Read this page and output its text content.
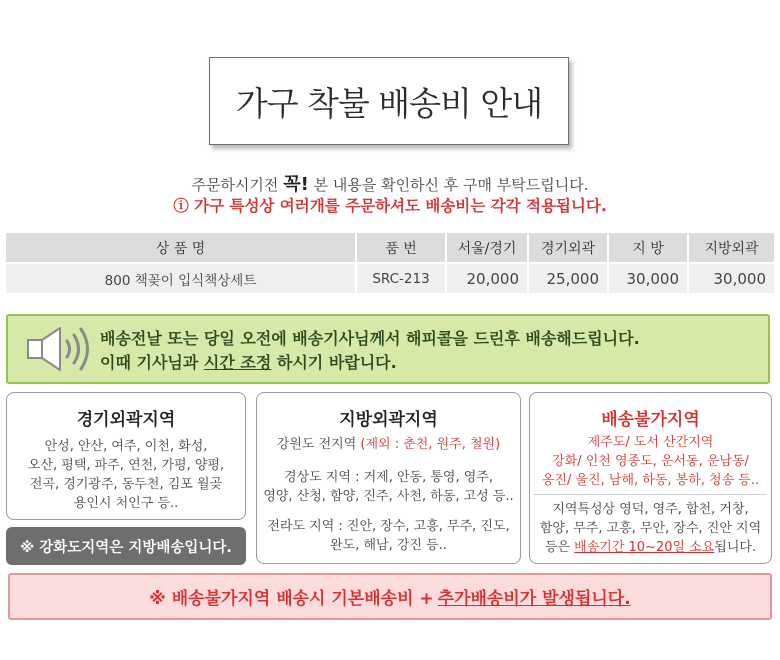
가구 착불 배송비 안내
주문하시기전 꼭! 본 내용을 확인하신 후 구매 부탁드립니다.
ⓘ 가구 특성상 여러개를 주문하셔도 배송비는 각각 적용됩니다.
상 품 명	품 번	서울/경기	경기외곽	지 방	지방외곽
800 책꽂이 입식책상세트	SRC-213	20,000	25,000	30,000	30,000
배송전날 또는 당일 오전에 배송기사님께서 해피콜을 드린후 배송해드립니다.
이때 기사님과 시간 조정 하시기 바랍니다.
경기외곽지역
안성, 안산, 여주, 이천, 화성,
오산, 평택, 파주, 연천, 가평, 양평,
전곡, 경기광주, 동두천, 김포 월곶
용인시 처인구 등..
※ 강화도지역은 지방배송입니다.
지방외곽지역
강원도 전지역 (제외 : 춘천, 원주, 철원)
경상도 지역 : 거제, 안동, 통영, 영주,
영양, 산청, 함양, 진주, 사천, 하동, 고성 등..
전라도 지역 : 진안, 장수, 고흥, 무주, 진도,
완도, 해남, 강진 등..
배송불가지역
제주도/ 도서 산간지역
강화/ 인천 영종도, 운서동, 운남동/
옹진/ 울진, 남해, 하동, 봉하, 청송 등..
지역특성상 영덕, 영주, 합천, 거창,
함양, 무주, 고흥, 무안, 장수, 진안 지역
등은 배송기간 10~20일 소요됩니다.
※ 배송불가지역 배송시 기본배송비 + 추가배송비가 발생됩니다.
